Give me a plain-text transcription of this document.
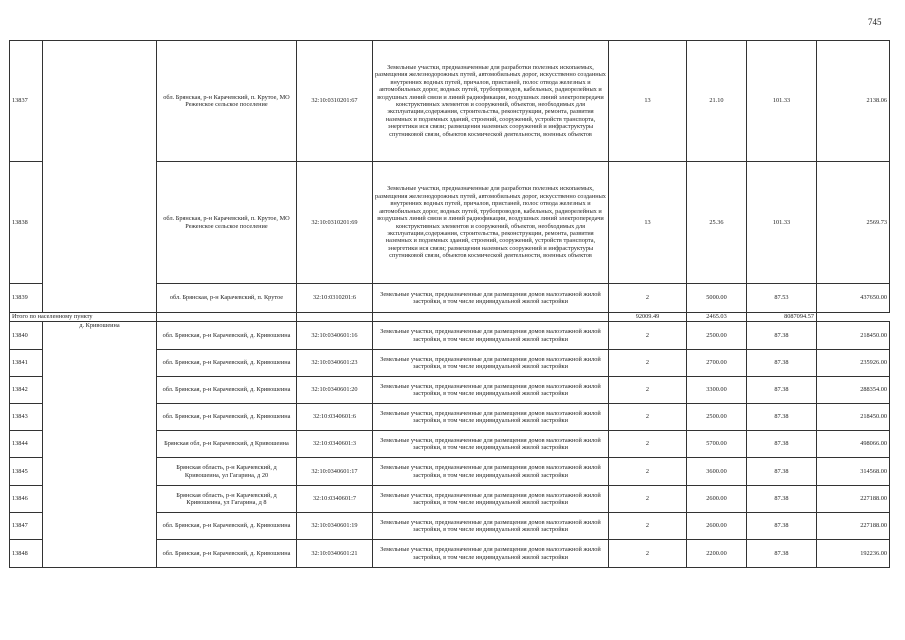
745
13837		обл. Брянская, р-н Карачевский, п. Крутое, МО Реженское сельское поселение	32:10:0310201:67	Земельные участки, предназначенные для разработки полезных ископаемых, размещения железнодорожных путей, автомобильных дорог, искусственно созданных внутренних водных путей, причалов, пристаней, полос отвода железных и автомобильных дорог, водных путей, трубопроводов, кабельных, радиорелейных и воздушных линий связи и линий радиофикации, воздушных линий электропередачи конструктивных элементов и сооружений, объектов, необходимых для эксплуатации,содержания, строительства, реконструкции, ремонта, развития наземных и подземных зданий, строений, сооружений, устройств транспорта, энергетики ися связи; размещения наземных сооружений и инфраструктуры спутниковой связи, объектов космической деятельности, военных объектов	13	21.10	101.33	2138.06
13838		обл. Брянская, р-н Карачевский, п. Крутое, МО Реженское сельское поселение	32:10:0310201:69	Земельные участки, предназначенные для разработки полезных ископаемых, размещения железнодорожных путей, автомобильных дорог, искусственно созданных внутренних водных путей, причалов, пристаней, полос отвода железных и автомобильных дорог, водных путей, трубопроводов, кабельных, радиорелейных и воздушных линий связи и линий радиофикации, воздушных линий электропередачи конструктивных элементов и сооружений, объектов, необходимых для эксплуатации,содержания, строительства, реконструкции, ремонта, развития наземных и подземных зданий, строений, сооружений, устройств транспорта, энергетики ися связи; размещения наземных сооружений и инфраструктуры спутниковой связи, объектов космической деятельности, военных объектов	13	25.36	101.33	2569.73
13839		обл. Брянская, р-н Карачевский, п. Крутое	32:10:0310201:6	Земельные участки, предназначенные для размещения домов малоэтажной жилой застройки, в том числе индивидуальной жилой застройки	2	5000.00	87.53	437650.00
Итого по населенному пункту					92009.49	2465.03	8087094.57	
13840	д. Кривошеина	обл. Брянская, р-н Карачевский, д. Кривошеина	32:10:0340601:16	Земельные участки, предназначенные для размещения домов малоэтажной жилой застройки, в том числе индивидуальной жилой застройки	2	2500.00	87.38	218450.00
13841		обл. Брянская, р-н Карачевский, д. Кривошеина	32:10:0340601:23	Земельные участки, предназначенные для размещения домов малоэтажной жилой застройки, в том числе индивидуальной жилой застройки	2	2700.00	87.38	235926.00
13842		обл. Брянская, р-н Карачевский, д. Кривошеина	32:10:0340601:20	Земельные участки, предназначенные для размещения домов малоэтажной жилой застройки, в том числе индивидуальной жилой застройки	2	3300.00	87.38	288354.00
13843		обл. Брянская, р-н Карачевский, д. Кривошеина	32:10:0340601:6	Земельные участки, предназначенные для размещения домов малоэтажной жилой застройки, в том числе индивидуальной жилой застройки	2	2500.00	87.38	218450.00
13844		Брянская обл, р-н Карачевский, д Кривошеина	32:10:0340601:3	Земельные участки, предназначенные для размещения домов малоэтажной жилой застройки, в том числе индивидуальной жилой застройки	2	5700.00	87.38	498066.00
13845		Брянская область, р-н Карачевский, д Кривошеина, ул Гагарина, д 20	32:10:0340601:17	Земельные участки, предназначенные для размещения домов малоэтажной жилой застройки, в том числе индивидуальной жилой застройки	2	3600.00	87.38	314568.00
13846		Брянская область, р-н Карачевский, д Кривошеина, ул Гагарина, д 8	32:10:0340601:7	Земельные участки, предназначенные для размещения домов малоэтажной жилой застройки, в том числе индивидуальной жилой застройки	2	2600.00	87.38	227188.00
13847		обл. Брянская, р-н Карачевский, д. Кривошеина	32:10:0340601:19	Земельные участки, предназначенные для размещения домов малоэтажной жилой застройки, в том числе индивидуальной жилой застройки	2	2600.00	87.38	227188.00
13848		обл. Брянская, р-н Карачевский, д. Кривошеина	32:10:0340601:21	Земельные участки, предназначенные для размещения домов малоэтажной жилой застройки, в том числе индивидуальной жилой застройки	2	2200.00	87.38	192236.00
